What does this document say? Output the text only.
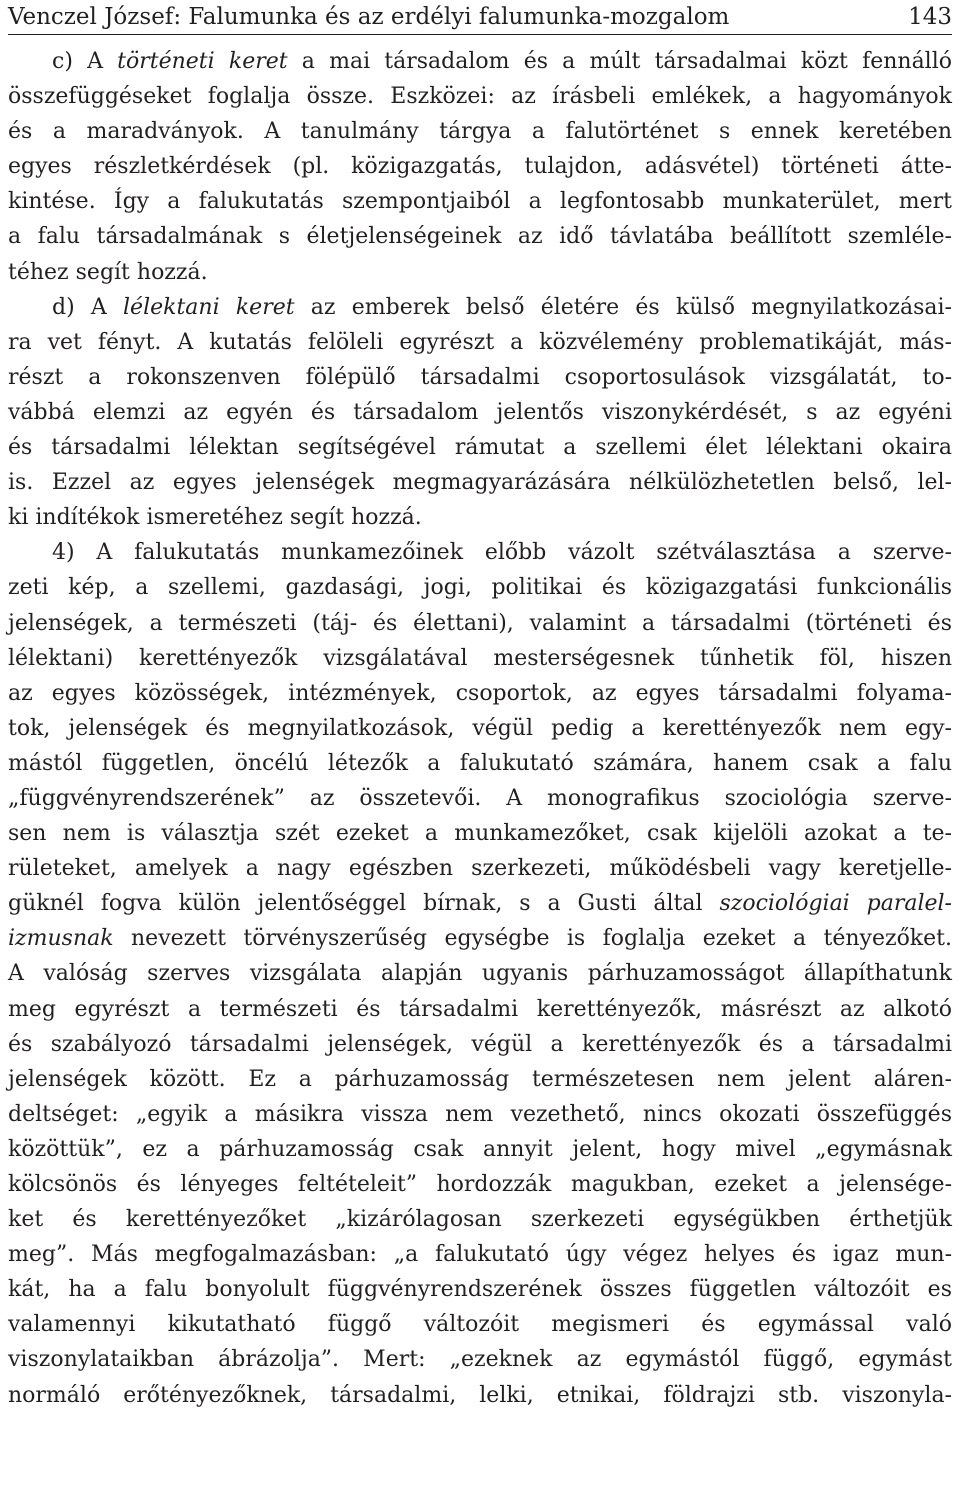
Venczel József: Falumunka és az erdélyi falumunka-mozgalom	143
c) A történeti keret a mai társadalom és a múlt társadalmai közt fennálló
összefüggéseket foglalja össze. Eszközei: az írásbeli emlékek, a hagyományok
és a maradványok. A tanulmány tárgya a falutörténet s ennek keretében
egyes részletkérdések (pl. közigazgatás, tulajdon, adásvétel) történeti átte-
kintése. Így a falukutatás szempontjaiból a legfontosabb munkaterület, mert
a falu társadalmának s életjelenségeinek az idő távlatába beállított szemléle-
téhez segít hozzá.
d) A lélektani keret az emberek belső életére és külső megnyilatkozásai-
ra vet fényt. A kutatás felöleli egyrészt a közvélemény problematikáját, más-
részt a rokonszenven fölépülő társadalmi csoportosulások vizsgálatát, to-
vábbá elemzi az egyén és társadalom jelentős viszonykérdését, s az egyéni
és társadalmi lélektan segítségével rámutat a szellemi élet lélektani okaira
is. Ezzel az egyes jelenségek megmagyarázására nélkülözhetetlen belső, lel-
ki indítékok ismeretéhez segít hozzá.
4) A falukutatás munkamezőinek előbb vázolt szétválasztása a szerve-
zeti kép, a szellemi, gazdasági, jogi, politikai és közigazgatási funkcionális
jelenségek, a természeti (táj- és élettani), valamint a társadalmi (történeti és
lélektani) kerettényezők vizsgálatával mesterségesnek tűnhetik föl, hiszen
az egyes közösségek, intézmények, csoportok, az egyes társadalmi folyama-
tok, jelenségek és megnyilatkozások, végül pedig a kerettényezők nem egy-
mástól független, öncélú létezők a falukutató számára, hanem csak a falu
„függvényrendszerének” az összetevői. A monografikus szociológia szerve-
sen nem is választja szét ezeket a munkamezőket, csak kijelöli azokat a te-
rületeket, amelyek a nagy egészben szerkezeti, működésbeli vagy keretjelle-
güknél fogva külön jelentőséggel bírnak, s a Gusti által szociológiai paralel-
izmusnak nevezett törvényszerűség egységbe is foglalja ezeket a tényezőket.
A valóság szerves vizsgálata alapján ugyanis párhuzamosságot állapíthatunk
meg egyrészt a természeti és társadalmi kerettényezők, másrészt az alkotó
és szabályozó társadalmi jelenségek, végül a kerettényezők és a társadalmi
jelenségek között. Ez a párhuzamosság természetesen nem jelent aláren-
deltséget: „egyik a másikra vissza nem vezethető, nincs okozati összefüggés
közöttük”, ez a párhuzamosság csak annyit jelent, hogy mivel „egymásnak
kölcsönös és lényeges feltételeit” hordozzák magukban, ezeket a jelensége-
ket és kerettényezőket „kizárólagosan szerkezeti egységükben érthetjük
meg”. Más megfogalmazásban: „a falukutató úgy végez helyes és igaz mun-
kát, ha a falu bonyolult függvényrendszerének összes független változóit es
valamennyi kikutatható függő változóit megismeri és egymással való
viszonylataikban ábrázolja”. Mert: „ezeknek az egymástól függő, egymást
normáló erőtényezőknek, társadalmi, lelki, etnikai, földrajzi stb. viszonyla-
